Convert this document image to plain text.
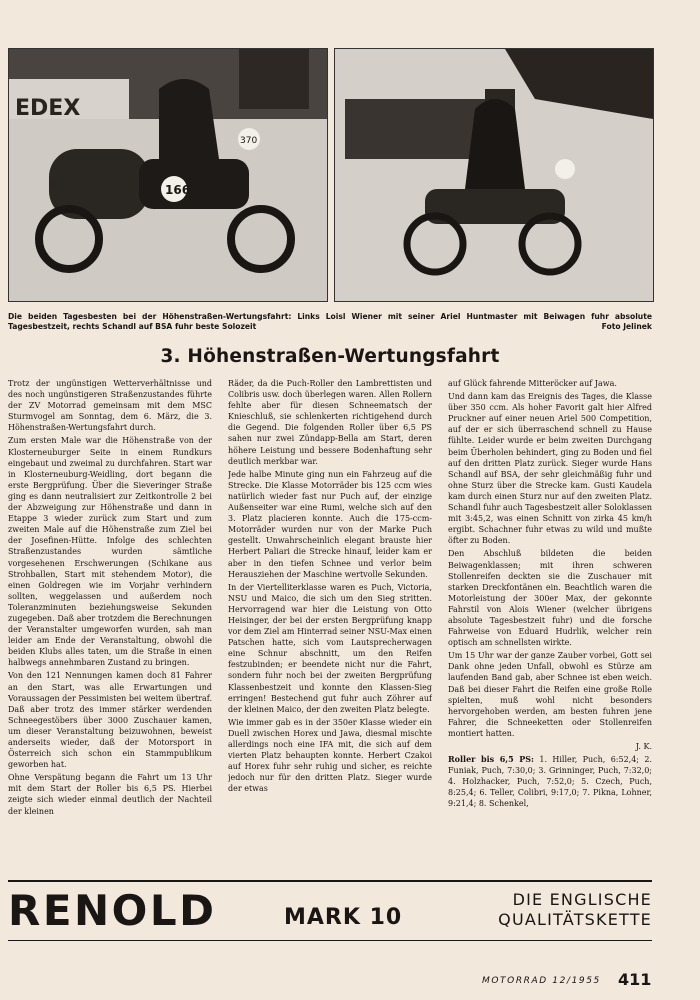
EDEX
166
370
Die beiden Tagesbesten bei der Höhenstraßen-Wertungsfahrt: Links Loisl Wiener mit seiner Ariel Huntmaster mit Beiwagen fuhr absolute Tagesbestzeit, rechts Schandl auf BSA fuhr beste Solozeit	Foto Jelinek
3. Höhenstraßen-Wertungsfahrt

Trotz der ungünstigen Wetterverhältnisse und des noch ungünstigeren Straßenzustandes führte der ZV Motorrad gemeinsam mit dem MSC Sturmvogel am Sonntag, dem 6. März, die 3. Höhenstraßen-Wertungsfahrt durch.

Zum ersten Male war die Höhenstraße von der Klosterneuburger Seite in einem Rundkurs eingebaut und zweimal zu durchfahren. Start war in Klosterneuburg-Weidling, dort begann die erste Bergprüfung. Über die Sieveringer Straße ging es dann neutralisiert zur Zeitkontrolle 2 bei der Abzweigung zur Höhenstraße und dann in Etappe 3 wieder zurück zum Start und zum zweiten Male auf die Höhenstraße zum Ziel bei der Josefinen-Hütte. Infolge des schlechten Straßenzustandes wurden sämtliche vorgesehenen Erschwerungen (Schikane aus Strohballen, Start mit stehendem Motor), die einen Goldregen wie im Vorjahr verhindern sollten, weggelassen und außerdem noch Toleranzminuten beziehungsweise Sekunden zugegeben. Daß aber trotzdem die Berechnungen der Veranstalter umgeworfen wurden, sah man leider am Ende der Veranstaltung, obwohl die beiden Klubs alles taten, um die Straße in einen halbwegs annehmbaren Zustand zu bringen.

Von den 121 Nennungen kamen doch 81 Fahrer an den Start, was alle Erwartungen und Voraussagen der Pessimisten bei weitem übertraf. Daß aber trotz des immer stärker werdenden Schneegestöbers über 3000 Zuschauer kamen, um dieser Veranstaltung beizuwohnen, beweist anderseits wieder, daß der Motorsport in Österreich sich schon ein Stammpublikum geworben hat.

Ohne Verspätung begann die Fahrt um 13 Uhr mit dem Start der Roller bis 6,5 PS. Hierbei zeigte sich wieder einmal deutlich der Nachteil der kleinen

Räder, da die Puch-Roller den Lambrettisten und Colibris usw. doch überlegen waren. Allen Rollern fehlte aber für diesen Schneematsch der Knieschluß, sie schlenkerten richtigehend durch die Gegend. Die folgenden Roller über 6,5 PS sahen nur zwei Zündapp-Bella am Start, deren höhere Leistung und bessere Bodenhaftung sehr deutlich merkbar war.

Jede halbe Minute ging nun ein Fahrzeug auf die Strecke. Die Klasse Motorräder bis 125 ccm wies natürlich wieder fast nur Puch auf, der einzige Außenseiter war eine Rumi, welche sich auf den 3. Platz placieren konnte. Auch die 175-ccm-Motorräder wurden nur von der Marke Puch gestellt. Unwahrscheinlich elegant brauste hier Herbert Paliari die Strecke hinauf, leider kam er aber in den tiefen Schnee und verlor beim Herausziehen der Maschine wertvolle Sekunden.

In der Viertelliterklasse waren es Puch, Victoria, NSU und Maico, die sich um den Sieg stritten. Hervorragend war hier die Leistung von Otto Heisinger, der bei der ersten Bergprüfung knapp vor dem Ziel am Hinterrad seiner NSU-Max einen Patschen hatte, sich vom Lautsprecherwagen eine Schnur abschnitt, um den Reifen festzubinden; er beendete nicht nur die Fahrt, sondern fuhr noch bei der zweiten Bergprüfung Klassenbestzeit und konnte den Klassen-Sieg erringen! Bestechend gut fuhr auch Zöhrer auf der kleinen Maico, der den zweiten Platz belegte.

Wie immer gab es in der 350er Klasse wieder ein Duell zwischen Horex und Jawa, diesmal mischte allerdings noch eine IFA mit, die sich auf dem vierten Platz behaupten konnte. Herbert Czakoi auf Horex fuhr sehr ruhig und sicher, es reichte jedoch nur für den dritten Platz. Sieger wurde der etwas

auf Glück fahrende Mitteröcker auf Jawa.

Und dann kam das Ereignis des Tages, die Klasse über 350 ccm. Als hoher Favorit galt hier Alfred Pruckner auf einer neuen Ariel 500 Competition, auf der er sich überraschend schnell zu Hause fühlte. Leider wurde er beim zweiten Durchgang beim Überholen behindert, ging zu Boden und fiel auf den dritten Platz zurück. Sieger wurde Hans Schandl auf BSA, der sehr gleichmäßig fuhr und ohne Sturz über die Strecke kam. Gusti Kaudela kam durch einen Sturz nur auf den zweiten Platz. Schandl fuhr auch Tagesbestzeit aller Soloklassen mit 3:45,2, was einen Schnitt von zirka 45 km/h ergibt. Schachner fuhr etwas zu wild und mußte öfter zu Boden.

Den Abschluß bildeten die beiden Beiwagenklassen; mit ihren schweren Stollenreifen deckten sie die Zuschauer mit starken Dreckfontänen ein. Beachtlich waren die Motorleistung der 300er Max, der gekonnte Fahrstil von Alois Wiener (welcher übrigens absolute Tagesbestzeit fuhr) und die forsche Fahrweise von Eduard Hudrlik, welcher rein optisch am schnellsten wirkte.

Um 15 Uhr war der ganze Zauber vorbei, Gott sei Dank ohne jeden Unfall, obwohl es Stürze am laufenden Band gab, aber Schnee ist eben weich. Daß bei dieser Fahrt die Reifen eine große Rolle spielten, muß wohl nicht besonders hervorgehoben werden, am besten fuhren jene Fahrer, die Schneeketten oder Stollenreifen montiert hatten.

J. K.

Roller bis 6,5 PS: 1. Hiller, Puch, 6:52,4; 2. Funiak, Puch, 7:30,0; 3. Grinninger, Puch, 7:32,0; 4. Holzhacker, Puch, 7:52,0; 5. Czech, Puch, 8:25,4; 6. Teller, Colibri, 9:17,0; 7. Pikna, Lohner, 9:21,4; 8. Schenkel,

RENOLD	MARK 10
DIE ENGLISCHE
QUALITÄTSKETTE
MOTORRAD 12/1955 411
